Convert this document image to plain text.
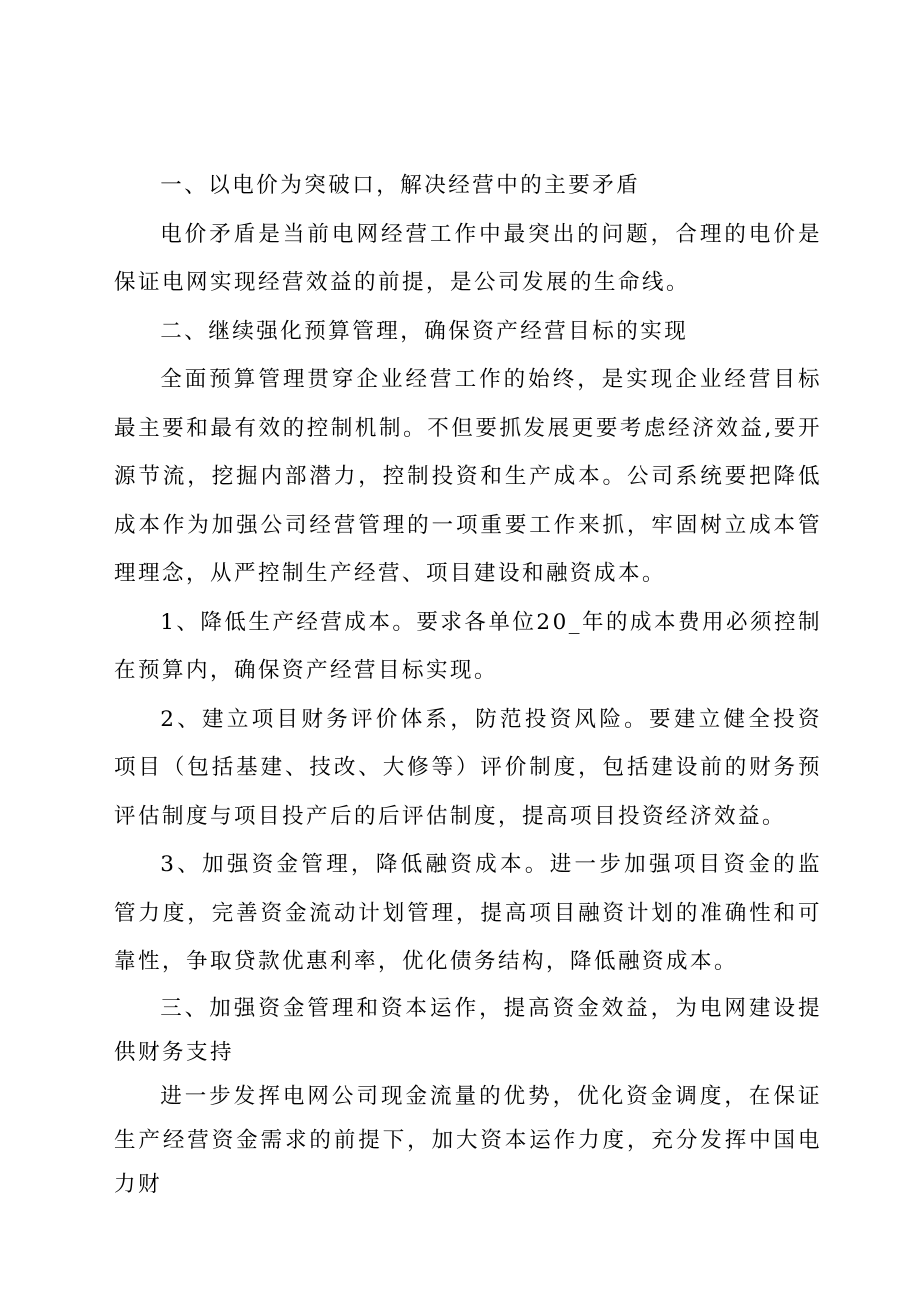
一、以电价为突破口，解决经营中的主要矛盾

电价矛盾是当前电网经营工作中最突出的问题，合理的电价是保证电网实现经营效益的前提，是公司发展的生命线。

二、继续强化预算管理，确保资产经营目标的实现

全面预算管理贯穿企业经营工作的始终，是实现企业经营目标最主要和最有效的控制机制。不但要抓发展更要考虑经济效益,要开源节流，挖掘内部潜力，控制投资和生产成本。公司系统要把降低成本作为加强公司经营管理的一项重要工作来抓，牢固树立成本管理理念，从严控制生产经营、项目建设和融资成本。

1、降低生产经营成本。要求各单位20_年的成本费用必须控制在预算内，确保资产经营目标实现。

2、建立项目财务评价体系，防范投资风险。要建立健全投资项目（包括基建、技改、大修等）评价制度，包括建设前的财务预评估制度与项目投产后的后评估制度，提高项目投资经济效益。

3、加强资金管理，降低融资成本。进一步加强项目资金的监管力度，完善资金流动计划管理，提高项目融资计划的准确性和可靠性，争取贷款优惠利率，优化债务结构，降低融资成本。

三、加强资金管理和资本运作，提高资金效益，为电网建设提供财务支持

进一步发挥电网公司现金流量的优势，优化资金调度，在保证生产经营资金需求的前提下，加大资本运作力度，充分发挥中国电力财
